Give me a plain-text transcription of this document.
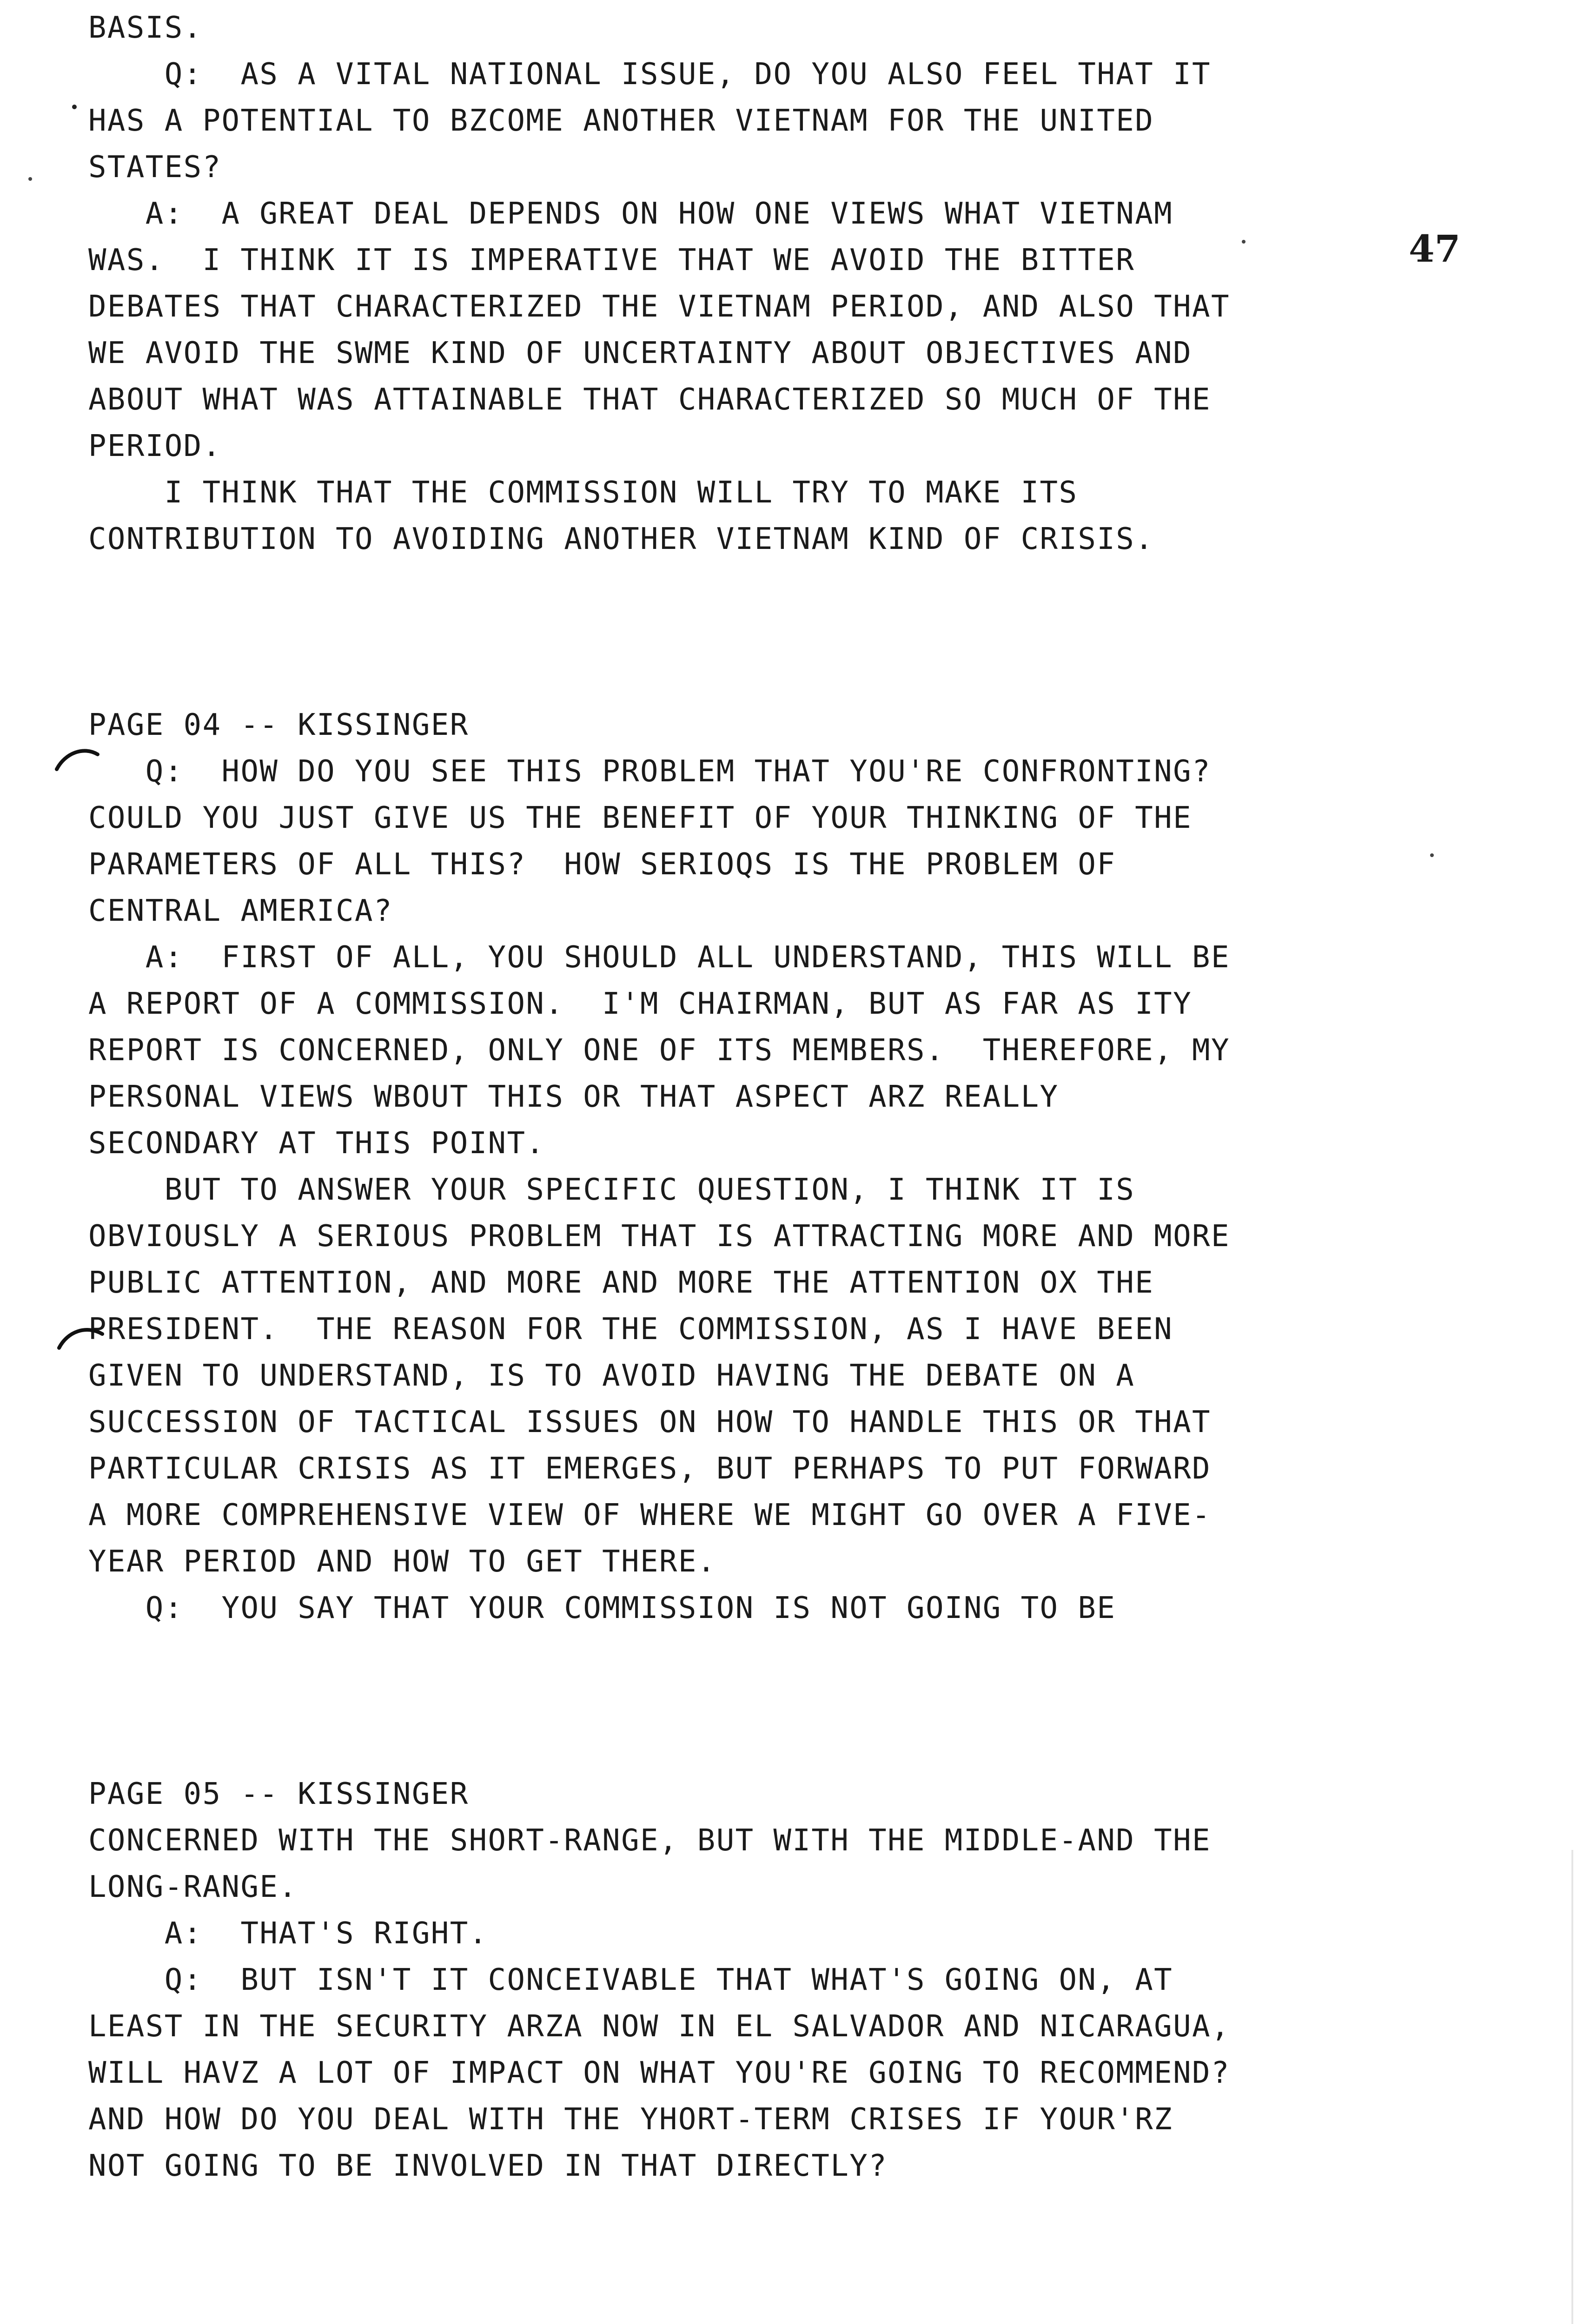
BASIS.
Q:  AS A VITAL NATIONAL ISSUE, DO YOU ALSO FEEL THAT IT
HAS A POTENTIAL TO BZCOME ANOTHER VIETNAM FOR THE UNITED
STATES?
A:  A GREAT DEAL DEPENDS ON HOW ONE VIEWS WHAT VIETNAM
WAS.  I THINK IT IS IMPERATIVE THAT WE AVOID THE BITTER
DEBATES THAT CHARACTERIZED THE VIETNAM PERIOD, AND ALSO THAT
WE AVOID THE SWME KIND OF UNCERTAINTY ABOUT OBJECTIVES AND
ABOUT WHAT WAS ATTAINABLE THAT CHARACTERIZED SO MUCH OF THE
PERIOD.
I THINK THAT THE COMMISSION WILL TRY TO MAKE ITS
CONTRIBUTION TO AVOIDING ANOTHER VIETNAM KIND OF CRISIS.
PAGE 04 -- KISSINGER
Q:  HOW DO YOU SEE THIS PROBLEM THAT YOU'RE CONFRONTING?
COULD YOU JUST GIVE US THE BENEFIT OF YOUR THINKING OF THE
PARAMETERS OF ALL THIS?  HOW SERIOQS IS THE PROBLEM OF
CENTRAL AMERICA?
A:  FIRST OF ALL, YOU SHOULD ALL UNDERSTAND, THIS WILL BE
A REPORT OF A COMMISSION.  I'M CHAIRMAN, BUT AS FAR AS ITY
REPORT IS CONCERNED, ONLY ONE OF ITS MEMBERS.  THEREFORE, MY
PERSONAL VIEWS WBOUT THIS OR THAT ASPECT ARZ REALLY
SECONDARY AT THIS POINT.
BUT TO ANSWER YOUR SPECIFIC QUESTION, I THINK IT IS
OBVIOUSLY A SERIOUS PROBLEM THAT IS ATTRACTING MORE AND MORE
PUBLIC ATTENTION, AND MORE AND MORE THE ATTENTION OX THE
PRESIDENT.  THE REASON FOR THE COMMISSION, AS I HAVE BEEN
GIVEN TO UNDERSTAND, IS TO AVOID HAVING THE DEBATE ON A
SUCCESSION OF TACTICAL ISSUES ON HOW TO HANDLE THIS OR THAT
PARTICULAR CRISIS AS IT EMERGES, BUT PERHAPS TO PUT FORWARD
A MORE COMPREHENSIVE VIEW OF WHERE WE MIGHT GO OVER A FIVE-
YEAR PERIOD AND HOW TO GET THERE.
Q:  YOU SAY THAT YOUR COMMISSION IS NOT GOING TO BE
PAGE 05 -- KISSINGER
CONCERNED WITH THE SHORT-RANGE, BUT WITH THE MIDDLE-AND THE
LONG-RANGE.
A:  THAT'S RIGHT.
Q:  BUT ISN'T IT CONCEIVABLE THAT WHAT'S GOING ON, AT
LEAST IN THE SECURITY ARZA NOW IN EL SALVADOR AND NICARAGUA,
WILL HAVZ A LOT OF IMPACT ON WHAT YOU'RE GOING TO RECOMMEND?
AND HOW DO YOU DEAL WITH THE YHORT-TERM CRISES IF YOUR'RZ
NOT GOING TO BE INVOLVED IN THAT DIRECTLY?
47
